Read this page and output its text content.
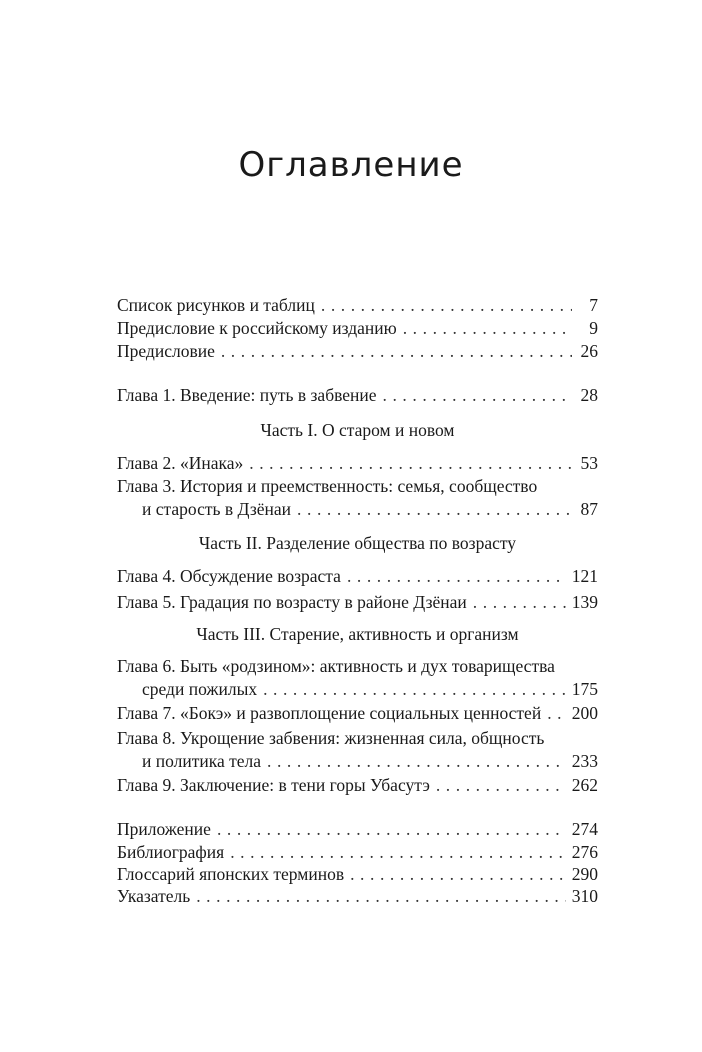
Оглавление
Список рисунков и таблиц . . .	7
Предисловие к российскому изданию . . .	9
Предисловие . . .	26
Глава 1. Введение: путь в забвение . . .	28
Часть I. О старом и новом
Глава 2. «Инака» . . .	53
Глава 3. История и преемственность: семья, сообщество
и старость в Дзёнаи . . .	87
Часть II. Разделение общества по возрасту
Глава 4. Обсуждение возраста . . .	121
Глава 5. Градация по возрасту в районе Дзёнаи . . .	139
Часть III. Старение, активность и организм
Глава 6. Быть «родзином»: активность и дух товарищества
среди пожилых . . .	175
Глава 7. «Бокэ» и развоплощение социальных ценностей . . . 200
Глава 8. Укрощение забвения: жизненная сила, общность
и политика тела . . .	233
Глава 9. Заключение: в тени горы Убасутэ . . .	262
Приложение . . .	274
Библиография . . .	276
Глоссарий японских терминов . . .	290
Указатель . . .	310
